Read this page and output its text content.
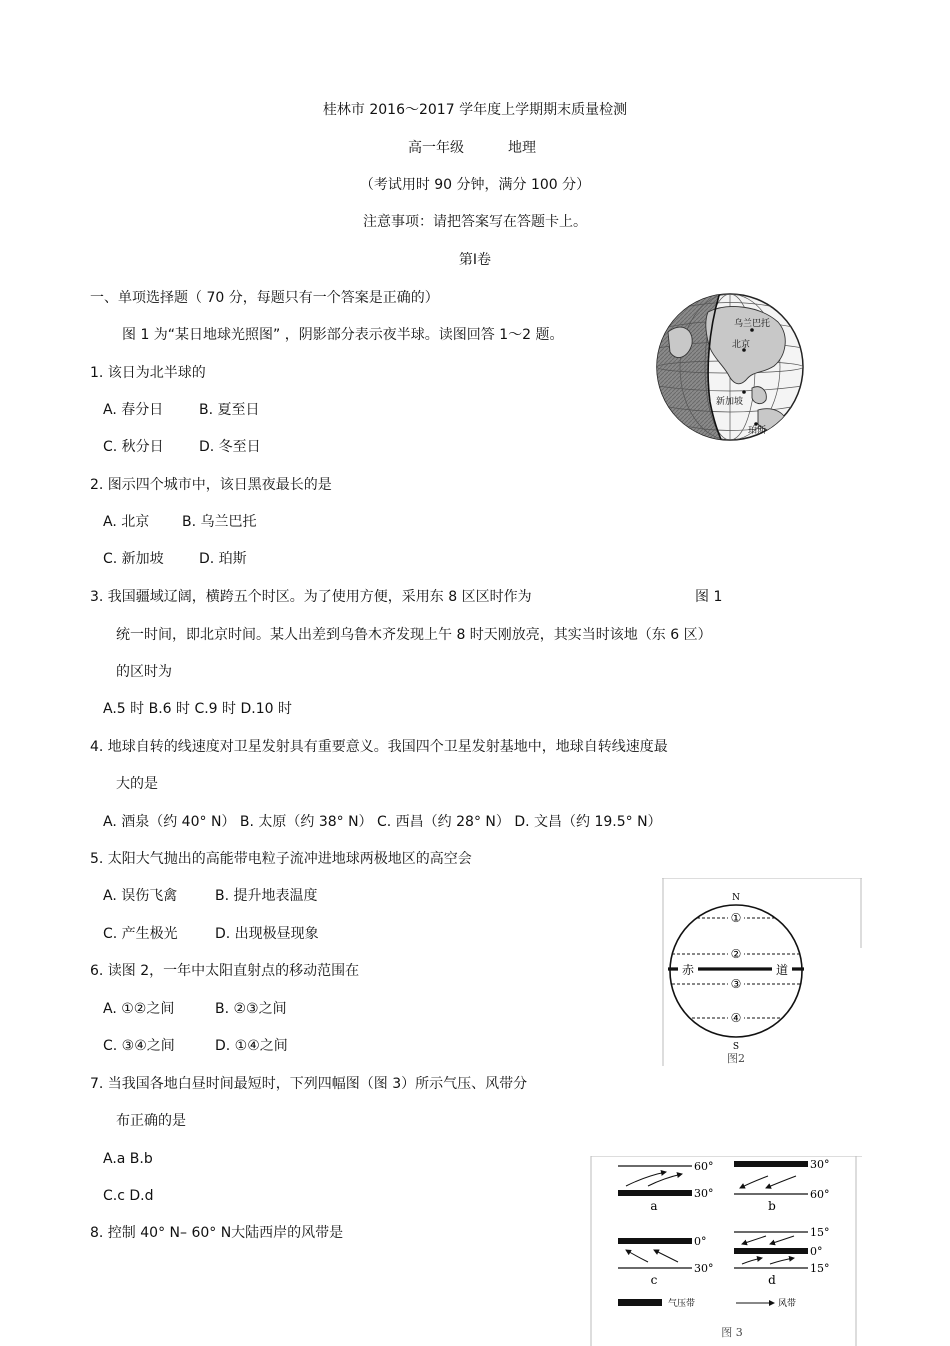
桂林市 2016～2017 学年度上学期期末质量检测
高一年级	地理
（考试用时 90 分钟，满分 100 分）
注意事项：请把答案写在答题卡上。
第Ⅰ卷
一、单项选择题（ 70 分，每题只有一个答案是正确的）
图 1 为“某日地球光照图” ，阴影部分表示夜半球。读图回答 1～2 题。
1. 该日为北半球的
A. 春分日	B. 夏至日
C. 秋分日	D. 冬至日
2. 图示四个城市中，该日黑夜最长的是
A. 北京 B. 乌兰巴托
C. 新加坡	D. 珀斯
3. 我国疆域辽阔，横跨五个时区。为了使用方便，采用东 8 区区时作为	图 1
统一时间，即北京时间。某人出差到乌鲁木齐发现上午 8 时天刚放亮，其实当时该地（东 6 区）
的区时为
A.5 时 B.6 时 C.9 时 D.10 时
4. 地球自转的线速度对卫星发射具有重要意义。我国四个卫星发射基地中，地球自转线速度最
大的是
A. 酒泉（约 40° N） B. 太原（约 38° N） C. 西昌（约 28° N） D. 文昌（约 19.5° N）
5. 太阳大气抛出的高能带电粒子流冲进地球两极地区的高空会
A. 误伤飞禽	B. 提升地表温度
C. 产生极光	D. 出现极昼现象
6. 读图 2，一年中太阳直射点的移动范围在
A. ①②之间	B. ②③之间
C. ③④之间	D. ①④之间
7. 当我国各地白昼时间最短时，下列四幅图（图 3）所示气压、风带分
布正确的是
A.a B.b
C.c D.d
8. 控制 40° N– 60° N大陆西岸的风带是
乌兰巴托
北京
新加坡
珀斯
①
②
③
④
赤	道
N
S
图2
60°
30°
a
30°
60°
b
0°
30°
c
15°
0°
15°
d
气压带	风带
图 3
